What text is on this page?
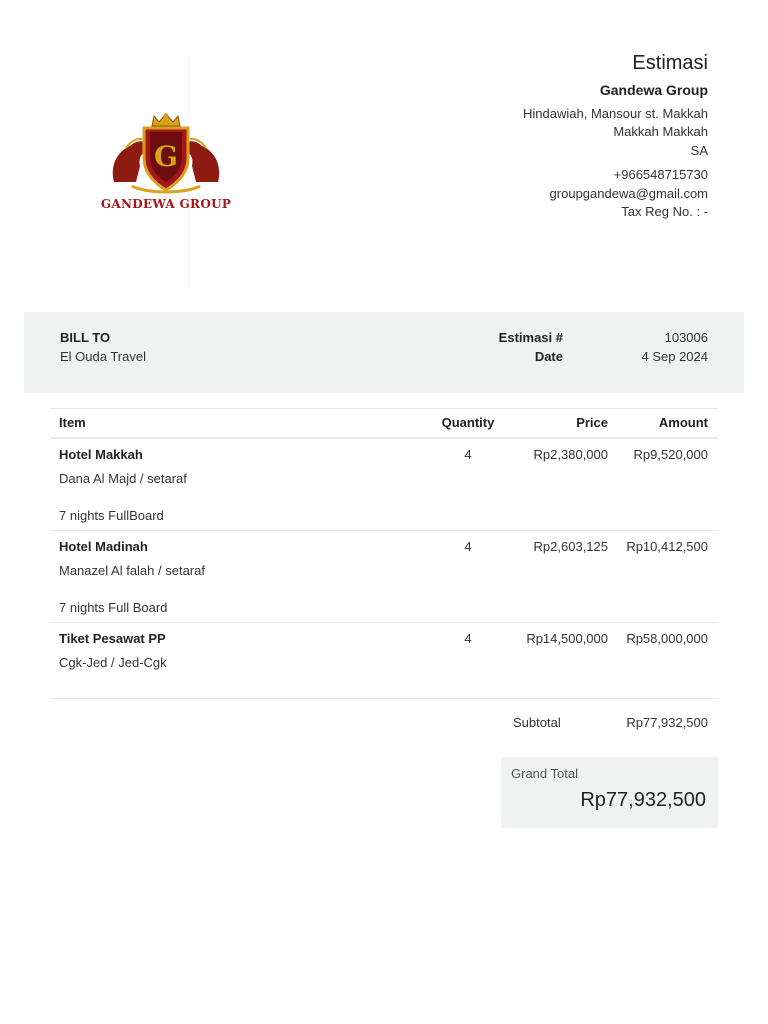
G
GANDEWA GROUP
Estimasi
Gandewa Group
Hindawiah, Mansour st. Makkah
Makkah Makkah
SA
+966548715730
groupgandewa@gmail.com
Tax Reg No. : -
BILL TO
El Ouda Travel
Estimasi #	103006
Date	4 Sep 2024
Item	Quantity	Price	Amount
Hotel Makkah	4	Rp2,380,000 Rp9,520,000
Dana Al Majd / setaraf
7 nights FullBoard
Hotel Madinah	4	Rp2,603,125 Rp10,412,500
Manazel Al falah / setaraf
7 nights Full Board
Tiket Pesawat PP	4	Rp14,500,000 Rp58,000,000
Cgk-Jed / Jed-Cgk
Subtotal	Rp77,932,500
Grand Total
Rp77,932,500
